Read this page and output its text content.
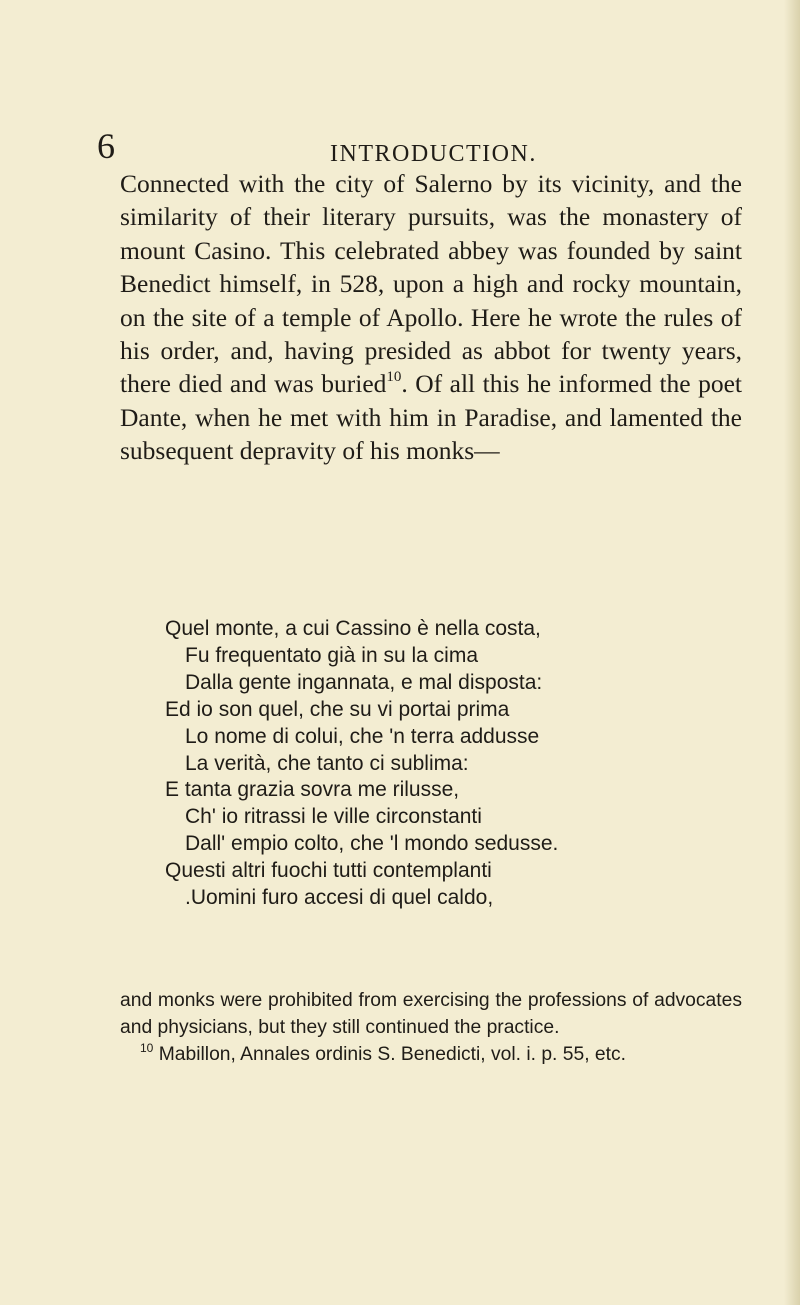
6	INTRODUCTION.

Connected with the city of Salerno by its vicinity, and the similarity of their literary pursuits, was the monastery of mount Casino. This celebrated abbey was founded by saint Benedict himself, in 528, upon a high and rocky mountain, on the site of a temple of Apollo. Here he wrote the rules of his order, and, having presided as abbot for twenty years, there died and was buried$^{10}$. Of all this he informed the poet Dante, when he met with him in Paradise, and lamented the subsequent depravity of his monks—

Quel monte, a cui Cassino è nella costa,
Fu frequentato già in su la cima
Dalla gente ingannata, e mal disposta:
Ed io son quel, che su vi portai prima
Lo nome di colui, che 'n terra addusse
La verità, che tanto ci sublima:
E tanta grazia sovra me rilusse,
Ch' io ritrassi le ville circonstanti
Dall' empio colto, che 'l mondo sedusse.
Questi altri fuochi tutti contemplanti
.Uomini furo accesi di quel caldo,

and monks were prohibited from exercising the professions of advocates and physicians, but they still continued the practice.

$^{10}$ Mabillon, Annales ordinis S. Benedicti, vol. i. p. 55, etc.
